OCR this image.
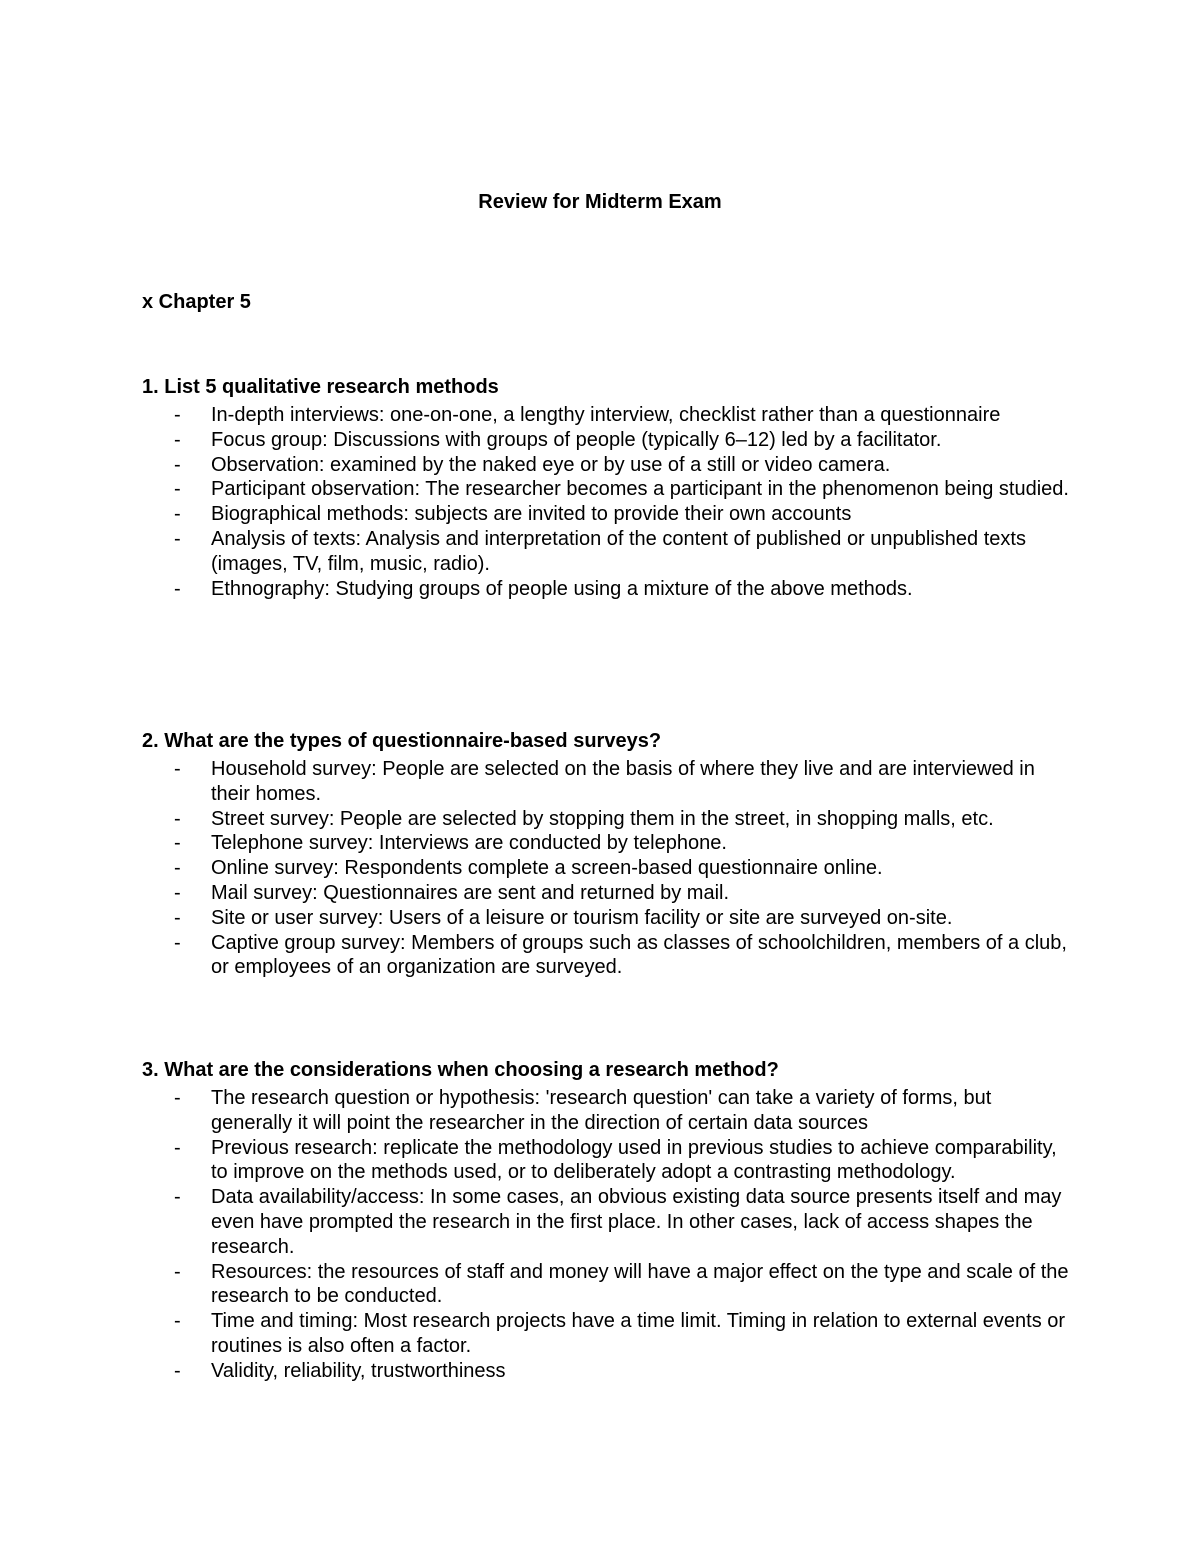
Review for Midterm Exam
x Chapter 5

1. List 5 qualitative research methods

- In-depth interviews: one-on-one, a lengthy interview, checklist rather than a questionnaire
- Focus group: Discussions with groups of people (typically 6–12) led by a facilitator.
- Observation: examined by the naked eye or by use of a still or video camera.
- Participant observation: The researcher becomes a participant in the phenomenon being studied.
- Biographical methods: subjects are invited to provide their own accounts
- Analysis of texts: Analysis and interpretation of the content of published or unpublished texts (images, TV, film, music, radio).
- Ethnography: Studying groups of people using a mixture of the above methods.

2. What are the types of questionnaire-based surveys?

- Household survey: People are selected on the basis of where they live and are interviewed in their homes.
- Street survey: People are selected by stopping them in the street, in shopping malls, etc.
- Telephone survey: Interviews are conducted by telephone.
- Online survey: Respondents complete a screen-based questionnaire online.
- Mail survey: Questionnaires are sent and returned by mail.
- Site or user survey: Users of a leisure or tourism facility or site are surveyed on-site.
- Captive group survey: Members of groups such as classes of schoolchildren, members of a club, or employees of an organization are surveyed.

3. What are the considerations when choosing a research method?

- The research question or hypothesis: 'research question' can take a variety of forms, but generally it will point the researcher in the direction of certain data sources
- Previous research: replicate the methodology used in previous studies to achieve comparability, to improve on the methods used, or to deliberately adopt a contrasting methodology.
- Data availability/access: In some cases, an obvious existing data source presents itself and may even have prompted the research in the first place. In other cases, lack of access shapes the research.
- Resources: the resources of staff and money will have a major effect on the type and scale of the research to be conducted.
- Time and timing: Most research projects have a time limit. Timing in relation to external events or routines is also often a factor.
- Validity, reliability, trustworthiness
